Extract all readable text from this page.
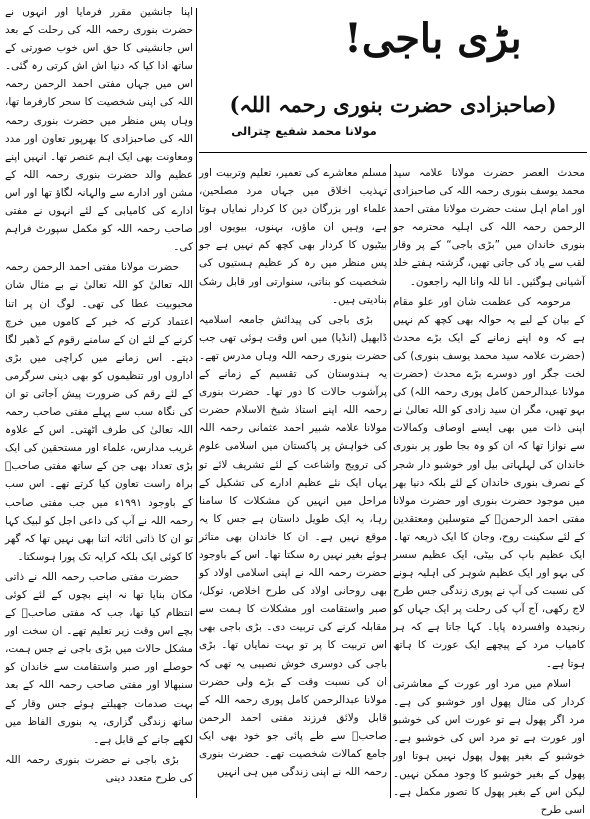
بڑی باجی!
(صاحبزادی حضرت بنوری رحمہ اللہ)
مولانا محمد شفیع چترالی

محدث العصر حضرت مولانا علامہ سید محمد یوسف بنوری رحمہ اللہ کی صاحبزادی اور امام اہل سنت حضرت مولانا مفتی احمد الرحمن رحمہ اللہ کی اہلیہ محترمہ جو بنوری خاندان میں ”بڑی باجی“ کے پر وقار لقب سے یاد کی جاتی تھیں، گزشتہ ہفتے خلد آشیانی ہوگئیں۔ انا للہ وانا الیہ راجعون۔

مرحومہ کی عظمت شان اور علو مقام کے بیان کے لیے یہ حوالہ بھی کچھ کم نہیں ہے کہ وہ اپنے زمانے کے ایک بڑے محدث (حضرت علامہ سید محمد یوسف بنوری) کی لخت جگر اور دوسرے بڑے محدث (حضرت مولانا عبدالرحمن کامل پوری رحمہ اللہ) کی بہو تھیں، مگر ان سید زادی کو اللہ تعالیٰ نے اپنی ذات میں بھی ایسے اوصاف وکمالات سے نوازا تھا کہ ان کو وہ بجا طور پر بنوری خاندان کی لہلہاتی بیل اور خوشبو دار شجر کے نصرف بنوری خاندان کے لئے بلکہ دنیا بھر میں موجود حضرت بنوری اور حضرت مولانا مفتی احمد الرحمنؒ کے متوسلین ومعتقدین کے لئے سکینت روح، وجان کا ایک ذریعہ تھا۔ ایک عظیم باپ کی بیٹی، ایک عظیم سسر کی بہو اور ایک عظیم شوہر کی اہلیہ ہونے کی نسبت کی آپ نے پوری زندگی جس طرح لاج رکھی، آج آپ کی رحلت پر ایک جہاں کو رنجیدہ وافسردہ پایا۔ کہا جاتا ہے کہ ہر کامیاب مرد کے پیچھے ایک عورت کا ہاتھ ہوتا ہے۔

اسلام میں مرد اور عورت کے معاشرتی کردار کی مثال پھول اور خوشبو کی ہے۔ مرد اگر پھول ہے تو عورت اس کی خوشبو اور عورت ہے تو مرد اس کی خوشبو ہے۔ خوشبو کے بغیر پھول پھول نہیں ہوتا اور پھول کے بغیر خوشبو کا وجود ممکن نہیں۔ لیکن اس کے بغیر پھول کا تصور مکمل ہے۔ اسی طرح

مسلم معاشرے کی تعمیر، تعلیم وتربیت اور تہذیب اخلاق میں جہاں مرد مصلحین، علماء اور بزرگان دین کا کردار نمایاں ہوتا ہے، وہیں ان ماؤں، بہنوں، بیویوں اور بیٹیوں کا کردار بھی کچھ کم نہیں ہے جو پس منظر میں رہ کر عظیم ہستیوں کی شخصیت کو بناتی، سنوارتی اور قابل رشک بنادیتی ہیں۔

بڑی باجی کی پیدائش جامعہ اسلامیہ ڈابھیل (انڈیا) میں اس وقت ہوئی تھی جب حضرت بنوری رحمہ اللہ وہاں مدرس تھے۔ یہ ہندوستان کی تقسیم کے زمانے کے پرآشوب حالات کا دور تھا۔ حضرت بنوری رحمہ اللہ اپنے استاذ شیخ الاسلام حضرت مولانا علامہ شبیر احمد عثمانی رحمہ اللہ کی خواہش پر پاکستان میں اسلامی علوم کی ترویج واشاعت کے لئے تشریف لائے تو یہاں ایک نئے عظیم ادارے کی تشکیل کے مراحل میں انہیں کن مشکلات کا سامنا رہا، یہ ایک طویل داستان ہے جس کا یہ موقع نہیں ہے۔ ان کا خاندان بھی متاثر ہوئے بغیر نہیں رہ سکتا تھا۔ اس کے باوجود حضرت رحمہ اللہ نے اپنی اسلامی اولاد کو بھی روحانی اولاد کی طرح اخلاص، توکل، صبر واستقامت اور مشکلات کا ہمت سے مقابلہ کرنے کی تربیت دی۔ بڑی باجی بھی اس تربیت کا پر تو بہت نمایاں تھا۔ بڑی باجی کی دوسری خوش نصیبی یہ تھی کہ ان کی نسبت وقت کے بڑے ولی حضرت مولانا عبدالرحمن کامل پوری رحمہ اللہ کے قابل ولائق فرزند مفتی احمد الرحمن صاحبؒ سے طے پائی جو خود بھی ایک جامع کمالات شخصیت تھے۔ حضرت بنوری رحمہ اللہ نے اپنی زندگی میں ہی انہیں

اپنا جانشین مقرر فرمایا اور انہوں نے حضرت بنوری رحمہ اللہ کی رحلت کے بعد اس جانشینی کا حق اس خوب صورتی کے ساتھ ادا کیا کہ دنیا اش اش کرتی رہ گئی۔ اس میں جہاں مفتی احمد الرحمن رحمہ اللہ کی اپنی شخصیت کا سحر کارفرما تھا، وہاں پس منظر میں حضرت بنوری رحمہ اللہ کی صاحبزادی کا بھرپور تعاون اور مدد ومعاونت بھی ایک اہم عنصر تھا۔ انہیں اپنے عظیم والد حضرت بنوری رحمہ اللہ کے مشن اور ادارے سے والہانہ لگاؤ تھا اور اس ادارے کی کامیابی کے لئے انہوں نے مفتی صاحب رحمہ اللہ کو مکمل سپورٹ فراہم کی۔

حضرت مولانا مفتی احمد الرحمن رحمہ اللہ تعالیٰ کو اللہ تعالیٰ نے بے مثال شان محبوبیت عطا کی تھی۔ لوگ ان پر اتنا اعتماد کرتے کہ خیر کے کاموں میں خرچ کرنے کے لئے ان کے سامنے رقوم کے ڈھیر لگا دیتے۔ اس زمانے میں کراچی میں بڑی اداروں اور تنظیموں کو بھی دینی سرگرمی کے لئے رقم کی ضرورت پیش آجاتی تو ان کی نگاہ سب سے پہلے مفتی صاحب رحمہ اللہ تعالیٰ کی طرف اٹھتی۔ اس کے علاوہ غریب مدارس، علماء اور مستحقین کی ایک بڑی تعداد بھی جن کے ساتھ مفتی صاحبؒ براہ راست تعاون کیا کرتے تھے۔ اس سب کے باوجود ۱۹۹۱ء میں جب مفتی صاحب رحمہ اللہ نے آپ کی داعی اجل کو لبیک کہا تو ان کا ذاتی اثاثہ اتنا بھی نہیں تھا کہ گھر کا کوئی ایک بلکہ کرایہ تک پورا ہوسکتا۔

حضرت مفتی صاحب رحمہ اللہ نے ذاتی مکان بنایا تھا نہ اپنے بچوں کے لئے کوئی انتظام کیا تھا، جب کہ مفتی صاحبؒ کے بچے اس وقت زیر تعلیم تھے۔ ان سخت اور مشکل حالات میں بڑی باجی نے جس ہمت، حوصلے اور صبر واستقامت سے خاندان کو سنبھالا اور مفتی صاحب رحمہ اللہ کے بعد بہت صدمات جھیلتے ہوئے جس وقار کے ساتھ زندگی گزاری، یہ بنوری الفاظ میں لکھے جانے کے قابل ہے۔

بڑی باجی نے حضرت بنوری رحمہ اللہ کی طرح متعدد دینی
